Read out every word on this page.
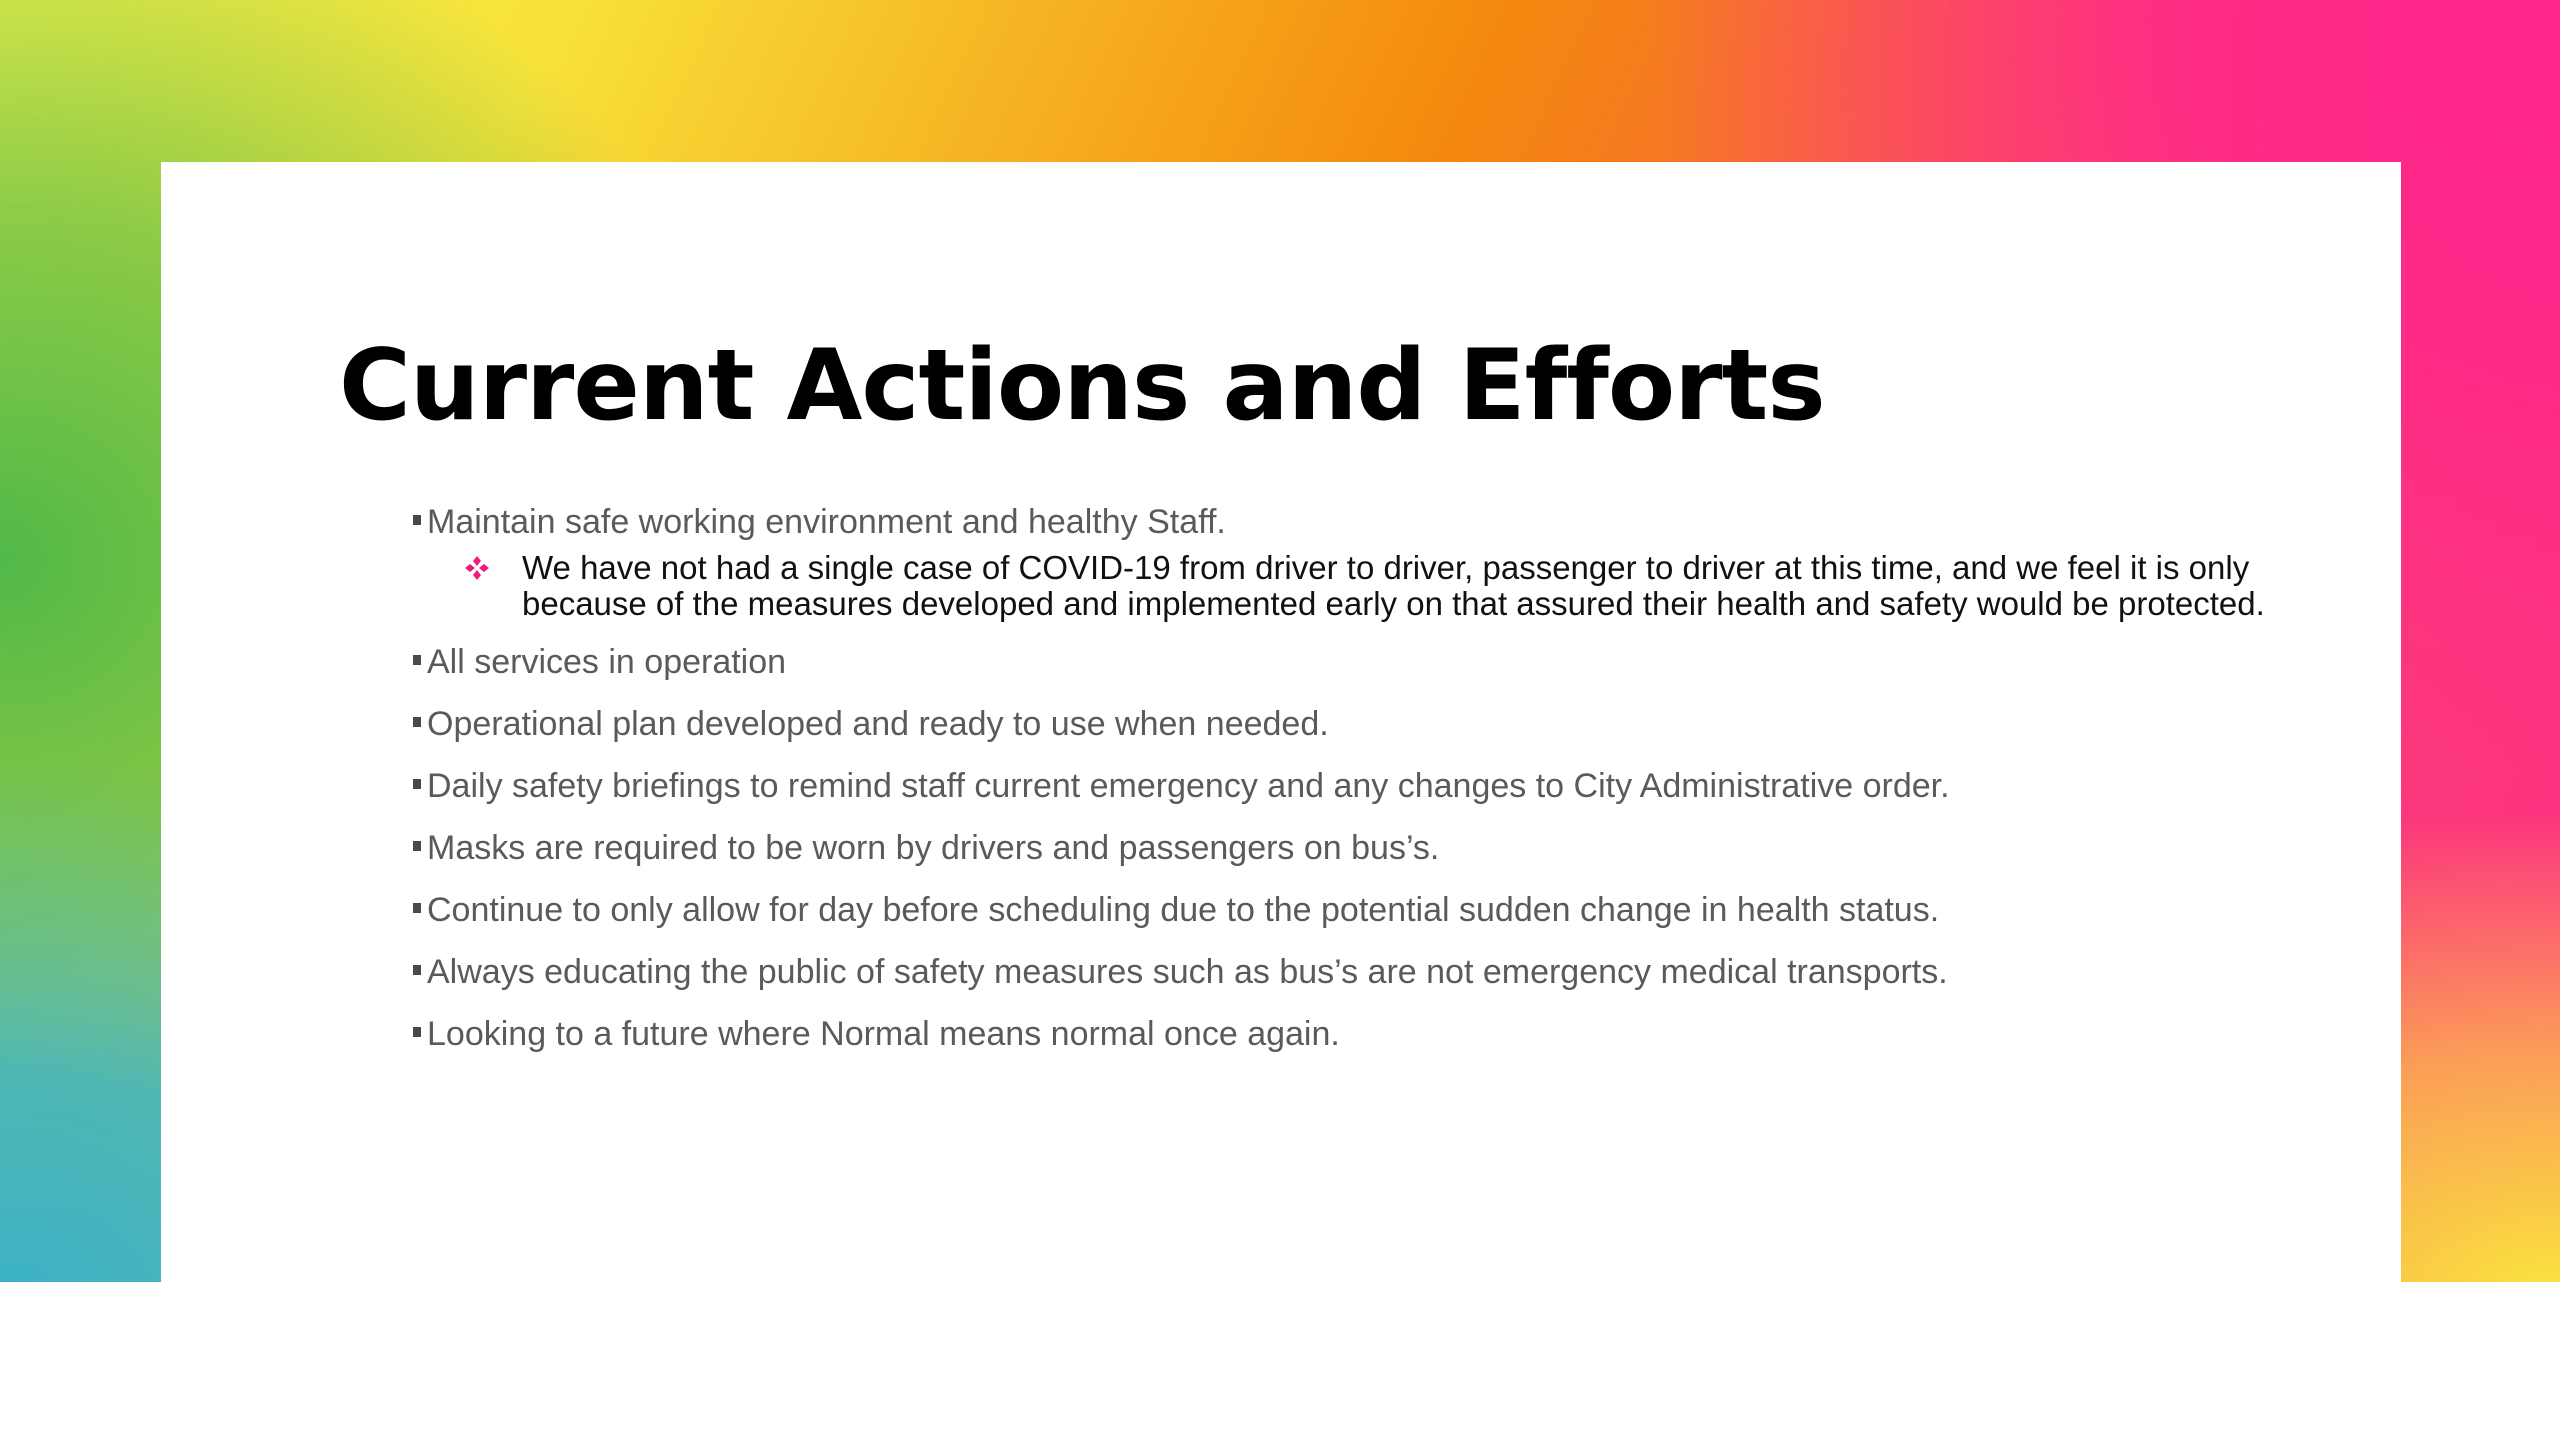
Current Actions and Efforts
Maintain safe working environment and healthy Staff.
We have not had a single case of COVID-19 from driver to driver, passenger to driver at this time, and we feel it is only because of the measures developed and implemented early on that assured their health and safety would be protected.
All services in operation
Operational plan developed and ready to use when needed.
Daily safety briefings to remind staff current emergency and any changes to City Administrative order.
Masks are required to be worn by drivers and passengers on bus’s.
Continue to only allow for day before scheduling due to the potential sudden change in health status.
Always educating the public of safety measures such as bus’s are not emergency medical transports.
Looking to a future where Normal means normal once again.
